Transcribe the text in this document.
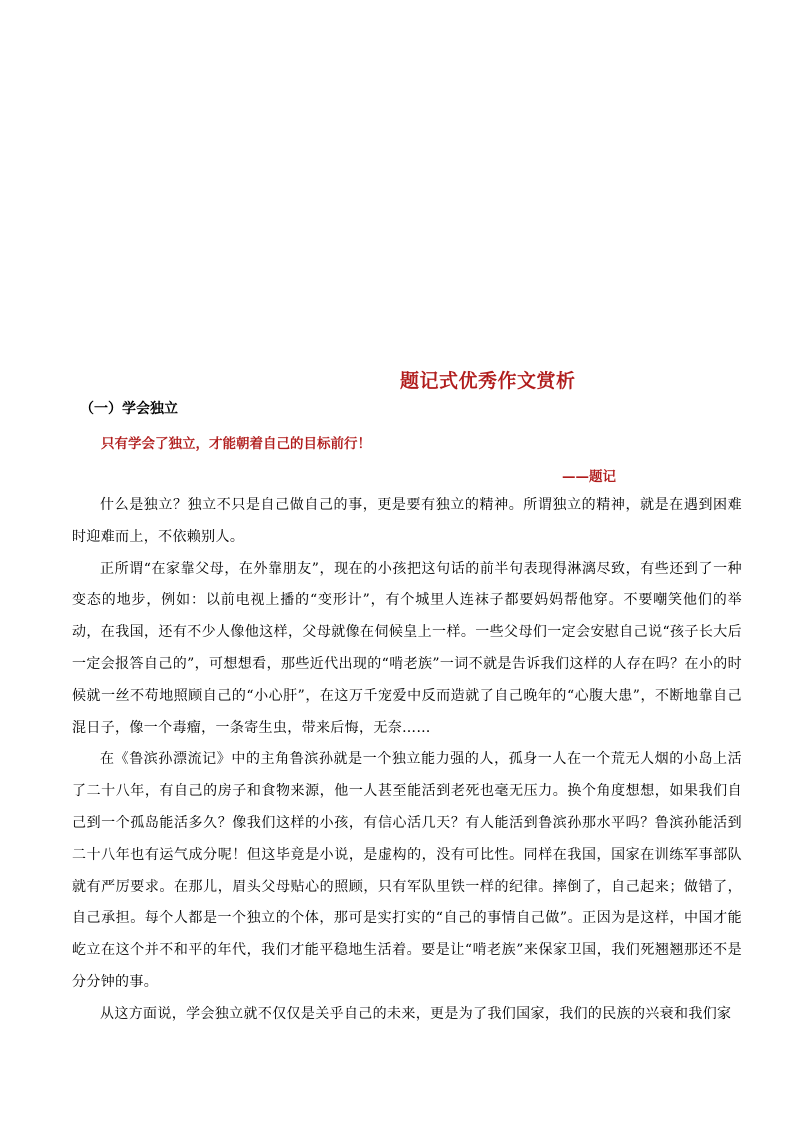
题记式优秀作文赏析
（一）学会独立
只有学会了独立，才能朝着自己的目标前行！
——题记

什么是独立？独立不只是自己做自己的事，更是要有独立的精神。所谓独立的精神，就是在遇到困难时迎难而上，不依赖别人。

正所谓“在家靠父母，在外靠朋友”，现在的小孩把这句话的前半句表现得淋漓尽致，有些还到了一种变态的地步，例如：以前电视上播的“变形计”，有个城里人连袜子都要妈妈帮他穿。不要嘲笑他们的举动，在我国，还有不少人像他这样，父母就像在伺候皇上一样。一些父母们一定会安慰自己说“孩子长大后一定会报答自己的”，可想想看，那些近代出现的“啃老族”一词不就是告诉我们这样的人存在吗？在小的时候就一丝不苟地照顾自己的“小心肝”，在这万千宠爱中反而造就了自己晚年的“心腹大患”，不断地靠自己混日子，像一个毒瘤，一条寄生虫，带来后悔，无奈……

在《鲁滨孙漂流记》中的主角鲁滨孙就是一个独立能力强的人，孤身一人在一个荒无人烟的小岛上活了二十八年，有自己的房子和食物来源，他一人甚至能活到老死也毫无压力。换个角度想想，如果我们自己到一个孤岛能活多久？像我们这样的小孩，有信心活几天？有人能活到鲁滨孙那水平吗？鲁滨孙能活到二十八年也有运气成分呢！但这毕竟是小说，是虚构的，没有可比性。同样在我国，国家在训练军事部队就有严厉要求。在那儿，眉头父母贴心的照顾，只有军队里铁一样的纪律。摔倒了，自己起来；做错了，自己承担。每个人都是一个独立的个体，那可是实打实的“自己的事情自己做”。正因为是这样，中国才能屹立在这个并不和平的年代，我们才能平稳地生活着。要是让“啃老族”来保家卫国，我们死翘翘那还不是分分钟的事。

从这方面说，学会独立就不仅仅是关乎自己的未来，更是为了我们国家，我们的民族的兴衰和我们家
